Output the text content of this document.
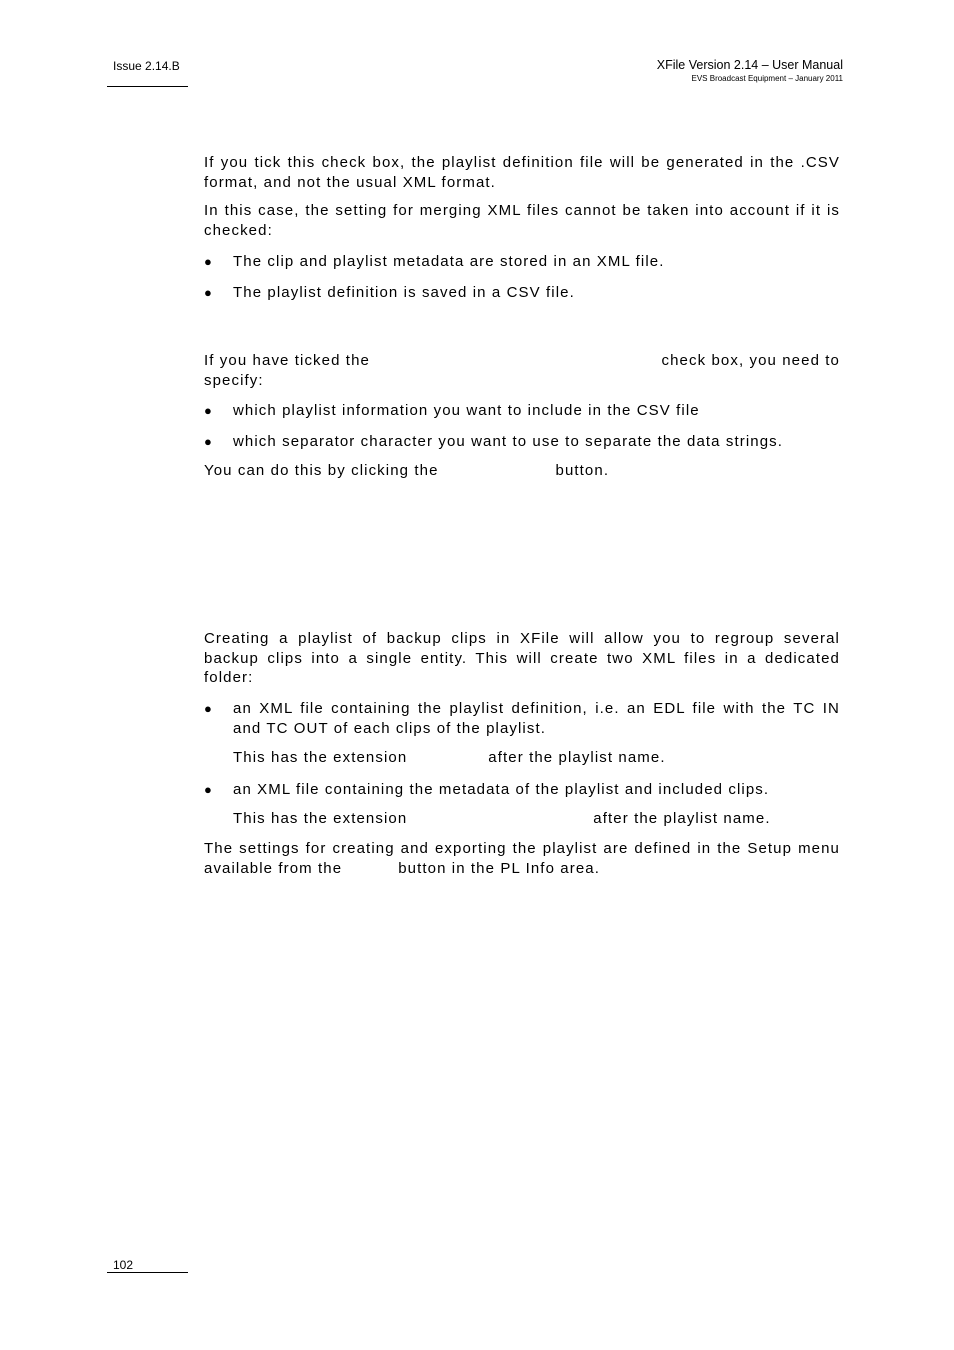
Issue 2.14.B	XFile Version 2.14 – User Manual
EVS Broadcast Equipment – January 2011

If you tick this check box, the playlist definition file will be generated in the .CSV format, and not the usual XML format.

In this case, the setting for merging XML files cannot be taken into account if it is checked:

● The clip and playlist metadata are stored in an XML file.
● The playlist definition is saved in a CSV file.
If you have ticked the	check box, you need to
specify:
● which playlist information you want to include in the CSV file
● which separator character you want to use to separate the data strings.
You can do this by clicking the	button.

Creating a playlist of backup clips in XFile will allow you to regroup several backup clips into a single entity. This will create two XML files in a dedicated folder:

● an XML file containing the playlist definition, i.e. an EDL file with the TC IN and TC OUT of each clips of the playlist.
This has the extension	after the playlist name.
● an XML file containing the metadata of the playlist and included clips.
This has the extension	after the playlist name.
The settings for creating and exporting the playlist are defined in the Setup menu
available from the	button in the PL Info area.
102
